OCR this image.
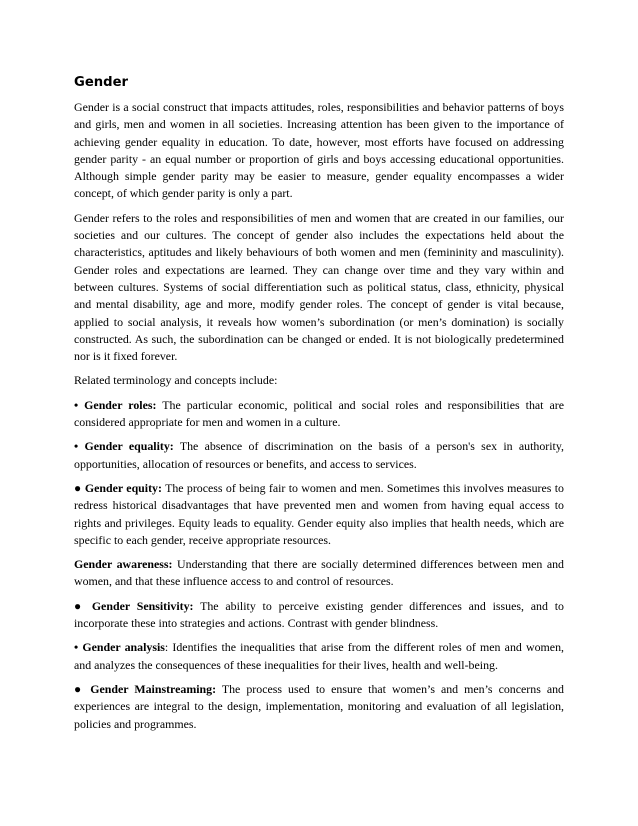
Gender

Gender is a social construct that impacts attitudes, roles, responsibilities and behavior patterns of boys and girls, men and women in all societies. Increasing attention has been given to the importance of achieving gender equality in education. To date, however, most efforts have focused on addressing gender parity - an equal number or proportion of girls and boys accessing educational opportunities. Although simple gender parity may be easier to measure, gender equality encompasses a wider concept, of which gender parity is only a part.

Gender refers to the roles and responsibilities of men and women that are created in our families, our societies and our cultures. The concept of gender also includes the expectations held about the characteristics, aptitudes and likely behaviours of both women and men (femininity and masculinity). Gender roles and expectations are learned. They can change over time and they vary within and between cultures. Systems of social differentiation such as political status, class, ethnicity, physical and mental disability, age and more, modify gender roles. The concept of gender is vital because, applied to social analysis, it reveals how women’s subordination (or men’s domination) is socially constructed. As such, the subordination can be changed or ended. It is not biologically predetermined nor is it fixed forever.

Related terminology and concepts include:

• Gender roles: The particular economic, political and social roles and responsibilities that are considered appropriate for men and women in a culture.

• Gender equality: The absence of discrimination on the basis of a person's sex in authority, opportunities, allocation of resources or benefits, and access to services.

● Gender equity: The process of being fair to women and men. Sometimes this involves measures to redress historical disadvantages that have prevented men and women from having equal access to rights and privileges. Equity leads to equality. Gender equity also implies that health needs, which are specific to each gender, receive appropriate resources.

Gender awareness: Understanding that there are socially determined differences between men and women, and that these influence access to and control of resources.

● Gender Sensitivity: The ability to perceive existing gender differences and issues, and to incorporate these into strategies and actions. Contrast with gender blindness.

• Gender analysis: Identifies the inequalities that arise from the different roles of men and women, and analyzes the consequences of these inequalities for their lives, health and well-being.

● Gender Mainstreaming: The process used to ensure that women’s and men’s concerns and experiences are integral to the design, implementation, monitoring and evaluation of all legislation, policies and programmes.
